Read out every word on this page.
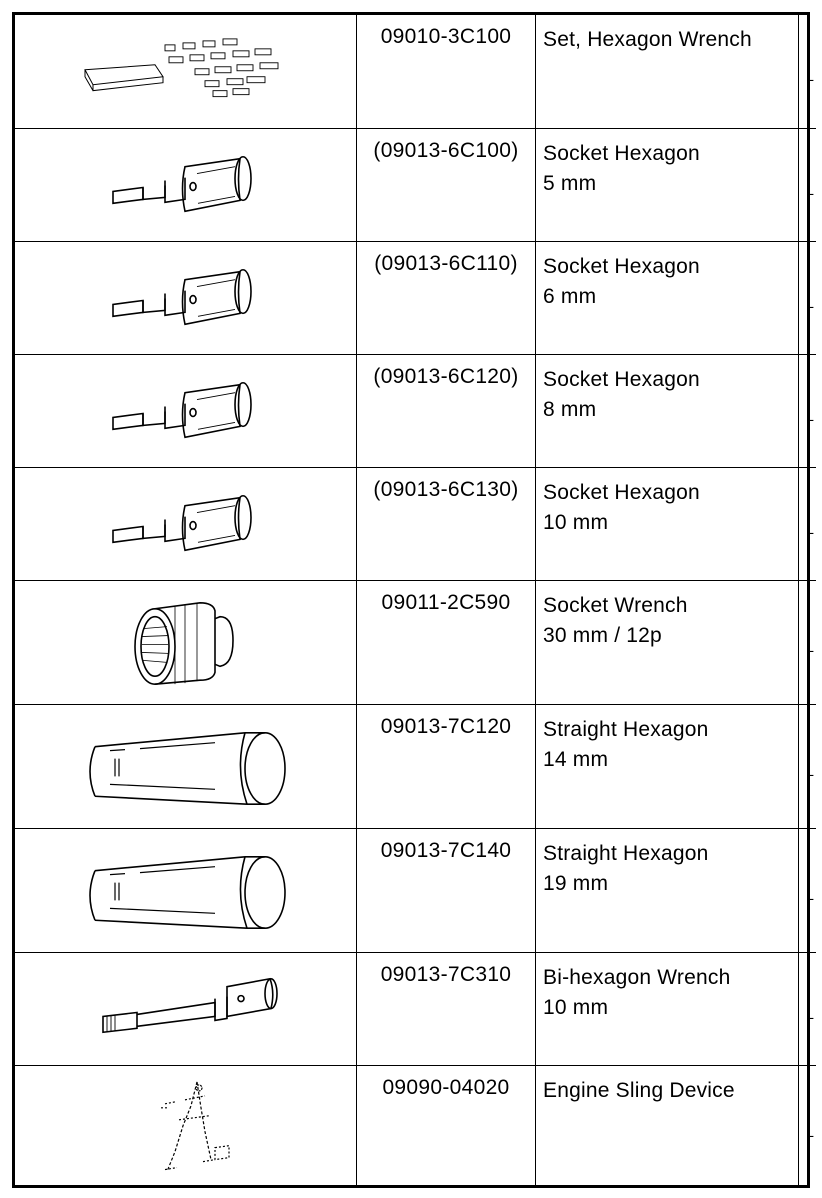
	09010-3C100	Set, Hexagon Wrench	-

	(09013-6C100)	Socket Hexagon
5 mm	-

	(09013-6C110)	Socket Hexagon
6 mm	-

	(09013-6C120)	Socket Hexagon
8 mm	-

	(09013-6C130)	Socket Hexagon
10 mm	-

	09011-2C590	Socket Wrench
30 mm / 12p	-

	09013-7C120	Straight Hexagon
14 mm	-

	09013-7C140	Straight Hexagon
19 mm	-

	09013-7C310	Bi-hexagon Wrench
10 mm	-

	09090-04020	Engine Sling Device	-
